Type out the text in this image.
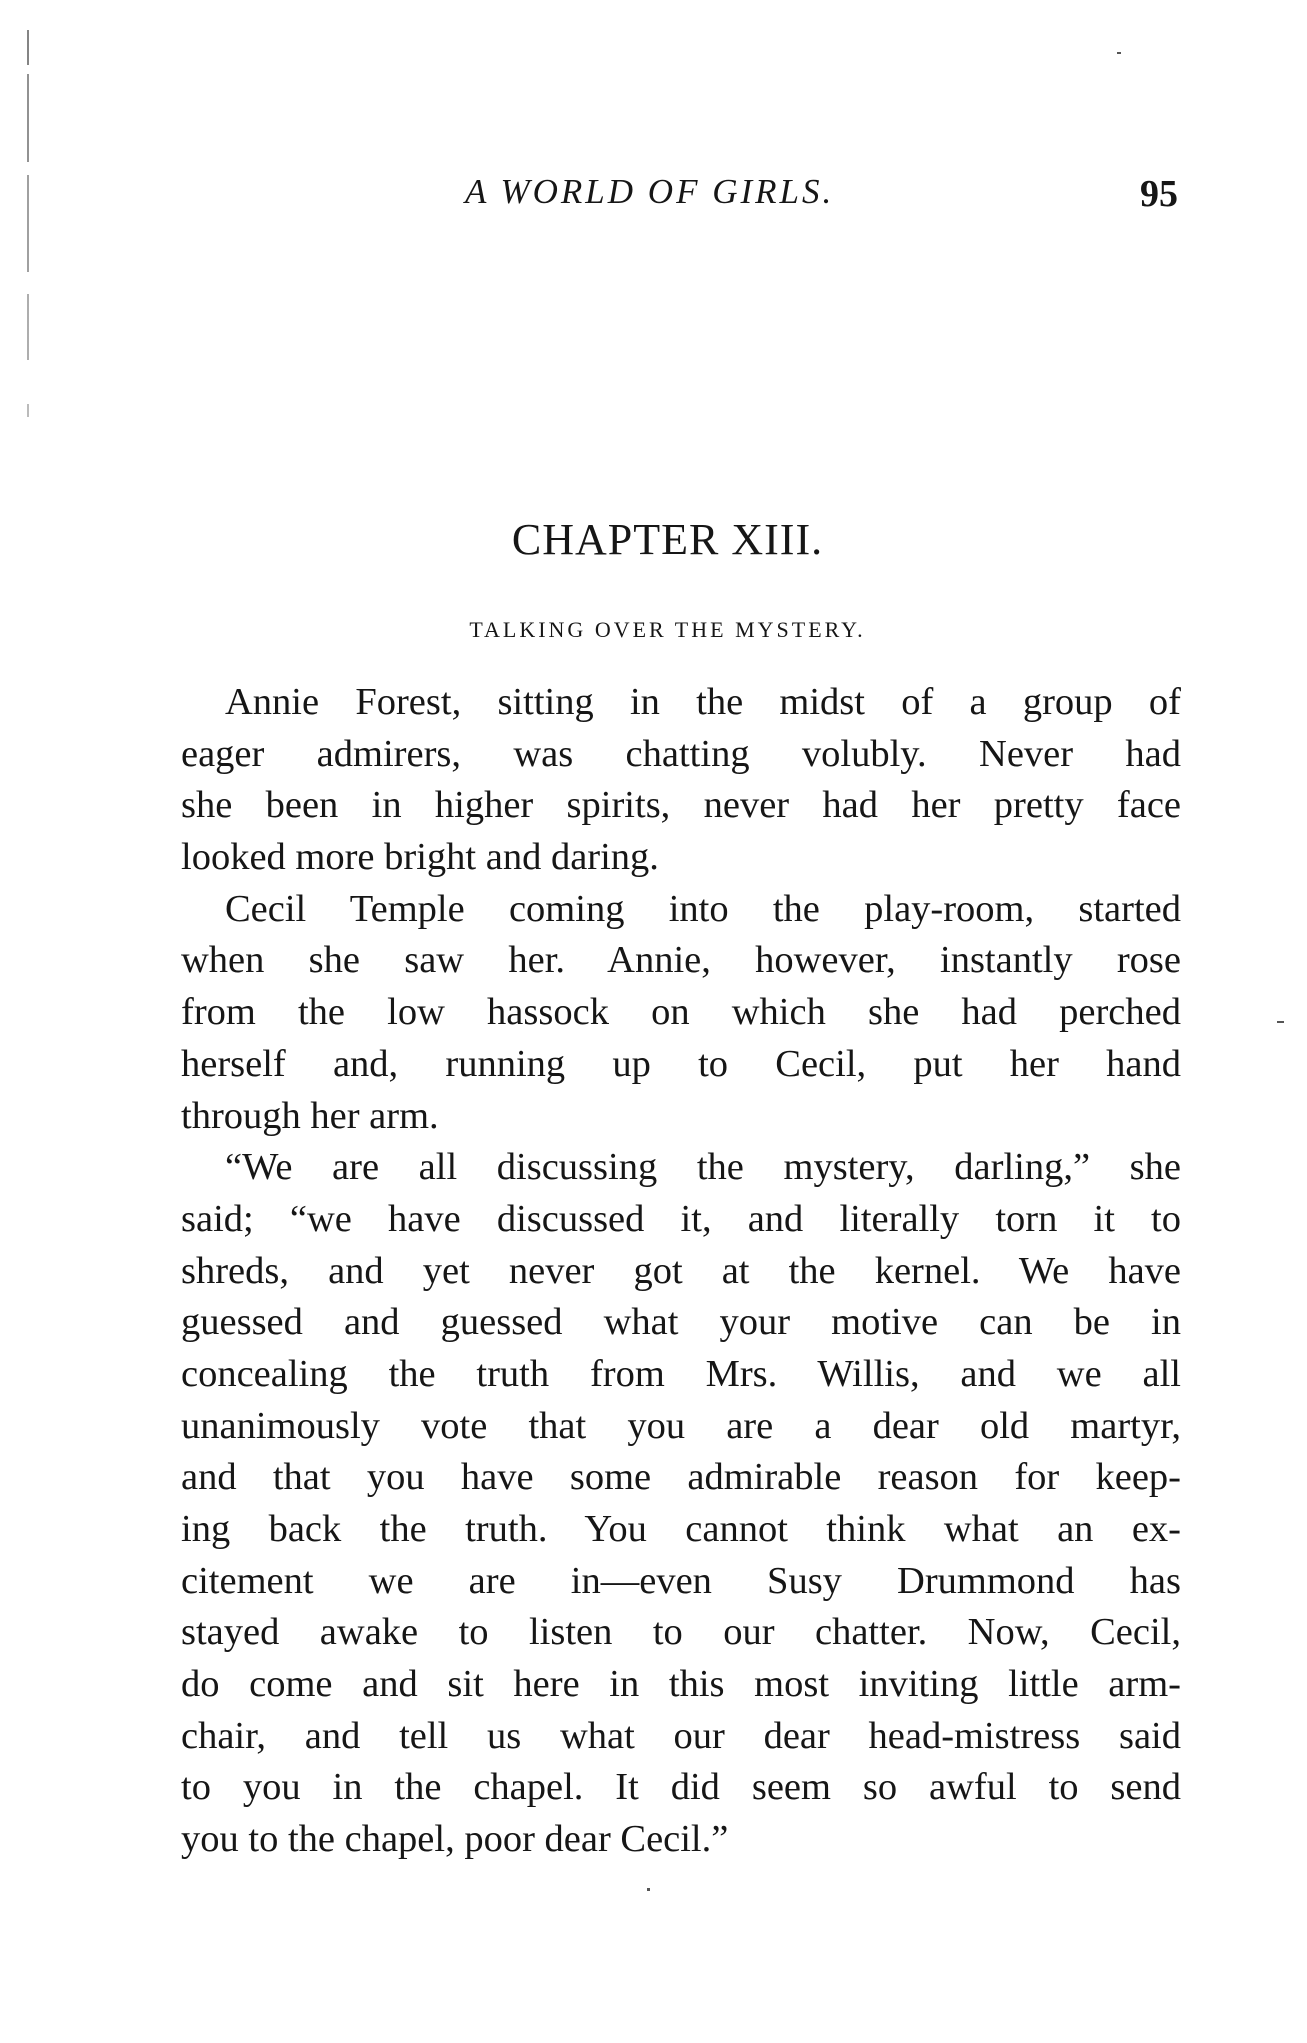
A WORLD OF GIRLS.	95
CHAPTER XIII.
TALKING OVER THE MYSTERY.
Annie Forest, sitting in the midst of a group of
eager admirers, was chatting volubly. Never had
she been in higher spirits, never had her pretty face
looked more bright and daring.
Cecil Temple coming into the play-room, started
when she saw her. Annie, however, instantly rose
from the low hassock on which she had perched
herself and, running up to Cecil, put her hand
through her arm.
“We are all discussing the mystery, darling,” she
said; “we have discussed it, and literally torn it to
shreds, and yet never got at the kernel. We have
guessed and guessed what your motive can be in
concealing the truth from Mrs. Willis, and we all
unanimously vote that you are a dear old martyr,
and that you have some admirable reason for keep-
ing back the truth. You cannot think what an ex-
citement we are in—even Susy Drummond has
stayed awake to listen to our chatter. Now, Cecil,
do come and sit here in this most inviting little arm-
chair, and tell us what our dear head-mistress said
to you in the chapel. It did seem so awful to send
you to the chapel, poor dear Cecil.”
